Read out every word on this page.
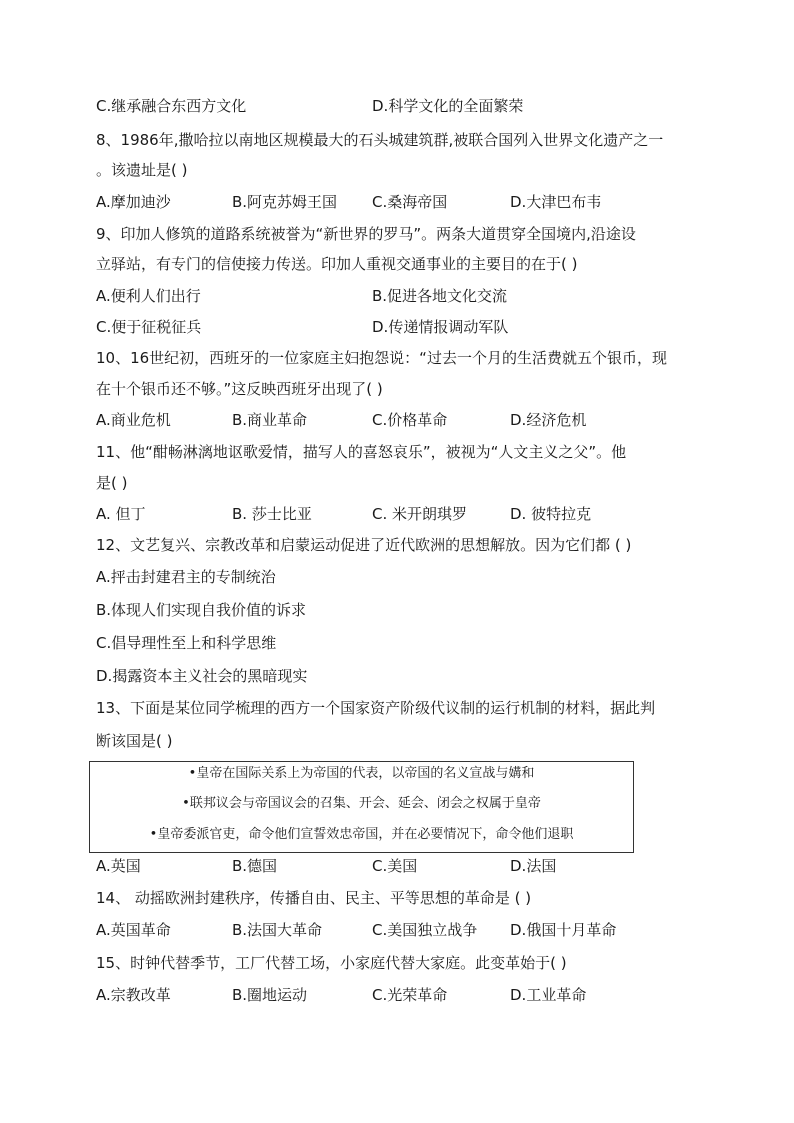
C.继承融合东西方文化	D.科学文化的全面繁荣
8、1986年,撒哈拉以南地区规模最大的石头城建筑群,被联合国列入世界文化遗产之一
。该遗址是( )
A.摩加迪沙	B.阿克苏姆王国 C.桑海帝国	D.大津巴布韦
9、印加人修筑的道路系统被誉为“新世界的罗马”。两条大道贯穿全国境内,沿途设
立驿站，有专门的信使接力传送。印加人重视交通事业的主要目的在于( )
A.便利人们出行	B.促进各地文化交流
C.便于征税征兵	D.传递情报调动军队
10、16世纪初，西班牙的一位家庭主妇抱怨说：“过去一个月的生活费就五个银币，现
在十个银币还不够。”这反映西班牙出现了( )
A.商业危机	B.商业革命	C.价格革命	D.经济危机
11、他“酣畅淋漓地讴歌爱情，描写人的喜怒哀乐”，被视为“人文主义之父”。他
是( )
A. 但丁	B. 莎士比亚	C. 米开朗琪罗	D. 彼特拉克
12、文艺复兴、宗教改革和启蒙运动促进了近代欧洲的思想解放。因为它们都 ( )
A.抨击封建君主的专制统治
B.体现人们实现自我价值的诉求
C.倡导理性至上和科学思维
D.揭露资本主义社会的黑暗现实
13、下面是某位同学梳理的西方一个国家资产阶级代议制的运行机制的材料，据此判
断该国是( )
•皇帝在国际关系上为帝国的代表，以帝国的名义宣战与媾和
•联邦议会与帝国议会的召集、开会、延会、闭会之权属于皇帝
•皇帝委派官吏，命令他们宣誓效忠帝国，并在必要情况下，命令他们退职
A.英国	B.德国	C.美国	D.法国
14、 动摇欧洲封建秩序，传播自由、民主、平等思想的革命是 ( )
A.英国革命	B.法国大革命	C.美国独立战争 D.俄国十月革命
15、时钟代替季节，工厂代替工场，小家庭代替大家庭。此变革始于( )
A.宗教改革	B.圈地运动	C.光荣革命	D.工业革命
